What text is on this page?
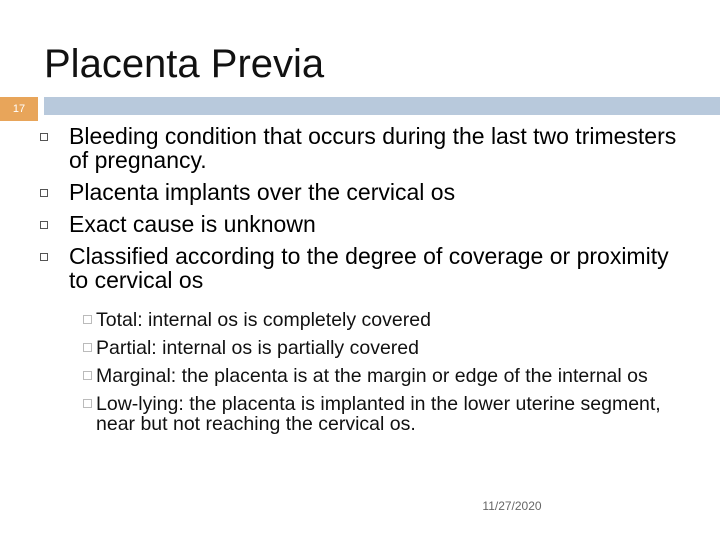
Placenta Previa
17
Bleeding condition that occurs during the last two trimesters of pregnancy.
Placenta implants over the cervical os
Exact cause is unknown
Classified according to the degree of coverage or proximity to cervical os
Total: internal os is completely covered
Partial: internal os is partially covered
Marginal: the placenta is at the margin or edge of the internal os
Low-lying: the placenta is implanted in the lower uterine segment, near but not reaching the cervical os.
11/27/2020
